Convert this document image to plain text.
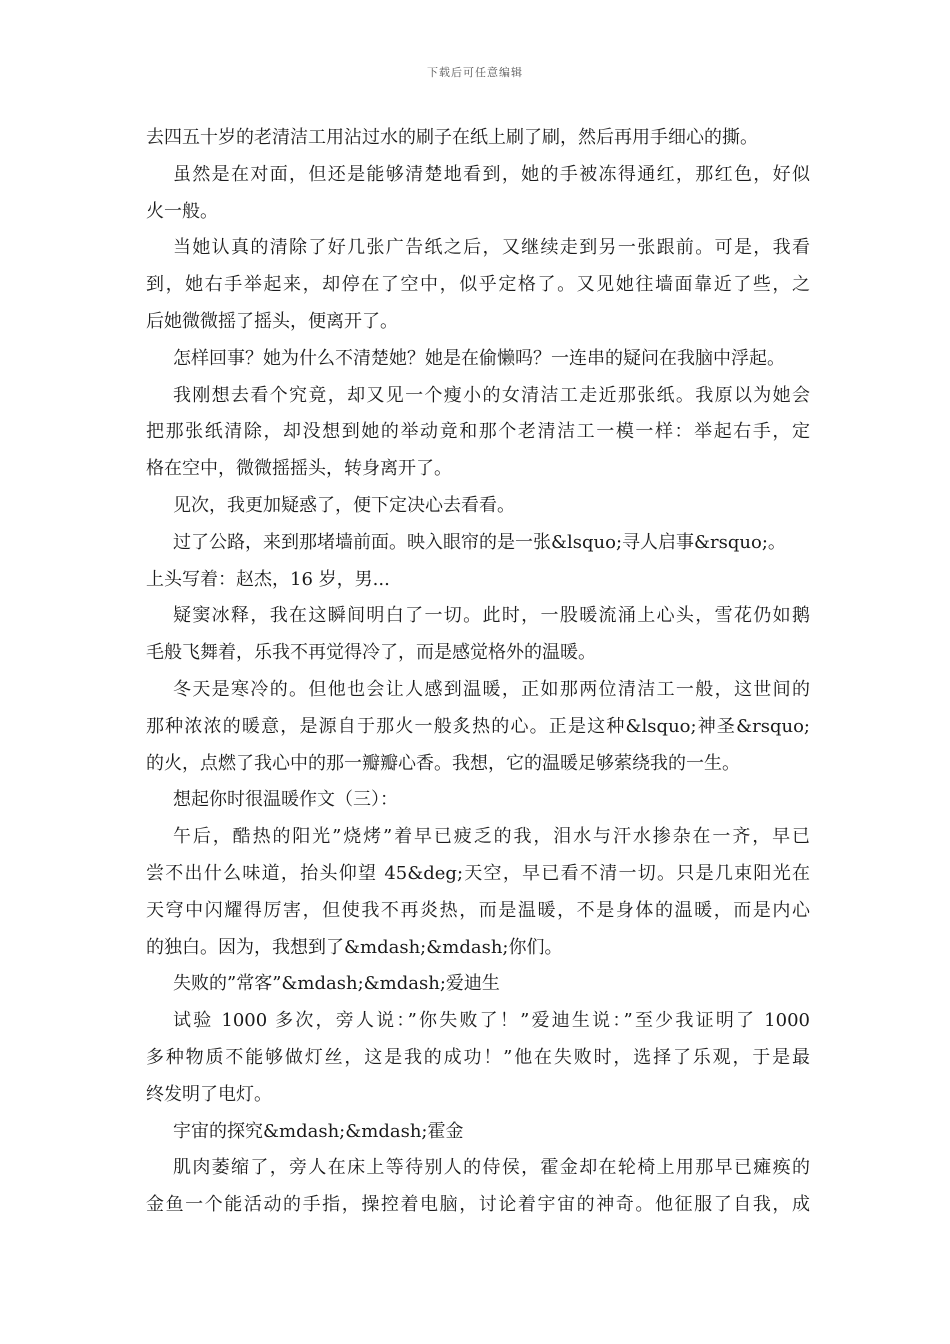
下载后可任意编辑
去四五十岁的老清洁工用沾过水的刷子在纸上刷了刷，然后再用手细心的撕。
虽然是在对面，但还是能够清楚地看到，她的手被冻得通红，那红色，好似
火一般。
当她认真的清除了好几张广告纸之后，又继续走到另一张跟前。可是，我看
到，她右手举起来，却停在了空中，似乎定格了。又见她往墙面靠近了些，之
后她微微摇了摇头，便离开了。
怎样回事？她为什么不清楚她？她是在偷懒吗？一连串的疑问在我脑中浮起。
我刚想去看个究竟，却又见一个瘦小的女清洁工走近那张纸。我原以为她会
把那张纸清除，却没想到她的举动竟和那个老清洁工一模一样：举起右手，定
格在空中，微微摇摇头，转身离开了。
见次，我更加疑惑了，便下定决心去看看。
过了公路，来到那堵墙前面。映入眼帘的是一张&lsquo;寻人启事&rsquo;。
上头写着：赵杰，16 岁，男...
疑窦冰释，我在这瞬间明白了一切。此时，一股暖流涌上心头，雪花仍如鹅
毛般飞舞着，乐我不再觉得冷了，而是感觉格外的温暖。
冬天是寒冷的。但他也会让人感到温暖，正如那两位清洁工一般，这世间的
那种浓浓的暖意，是源自于那火一般炙热的心。正是这种&lsquo;神圣&rsquo;
的火，点燃了我心中的那一瓣瓣心香。我想，它的温暖足够萦绕我的一生。
想起你时很温暖作文（三）：
午后，酷热的阳光”烧烤”着早已疲乏的我，泪水与汗水掺杂在一齐，早已
尝不出什么味道，抬头仰望 45&deg;天空，早已看不清一切。只是几束阳光在
天穹中闪耀得厉害，但使我不再炎热，而是温暖，不是身体的温暖，而是内心
的独白。因为，我想到了&mdash;&mdash;你们。
失败的”常客”&mdash;&mdash;爱迪生
试验 1000 多次，旁人说：”你失败了！”爱迪生说：”至少我证明了 1000
多种物质不能够做灯丝，这是我的成功！”他在失败时，选择了乐观，于是最
终发明了电灯。
宇宙的探究&mdash;&mdash;霍金
肌肉萎缩了，旁人在床上等待别人的侍侯，霍金却在轮椅上用那早已瘫痪的
金鱼一个能活动的手指，操控着电脑，讨论着宇宙的神奇。他征服了自我，成
